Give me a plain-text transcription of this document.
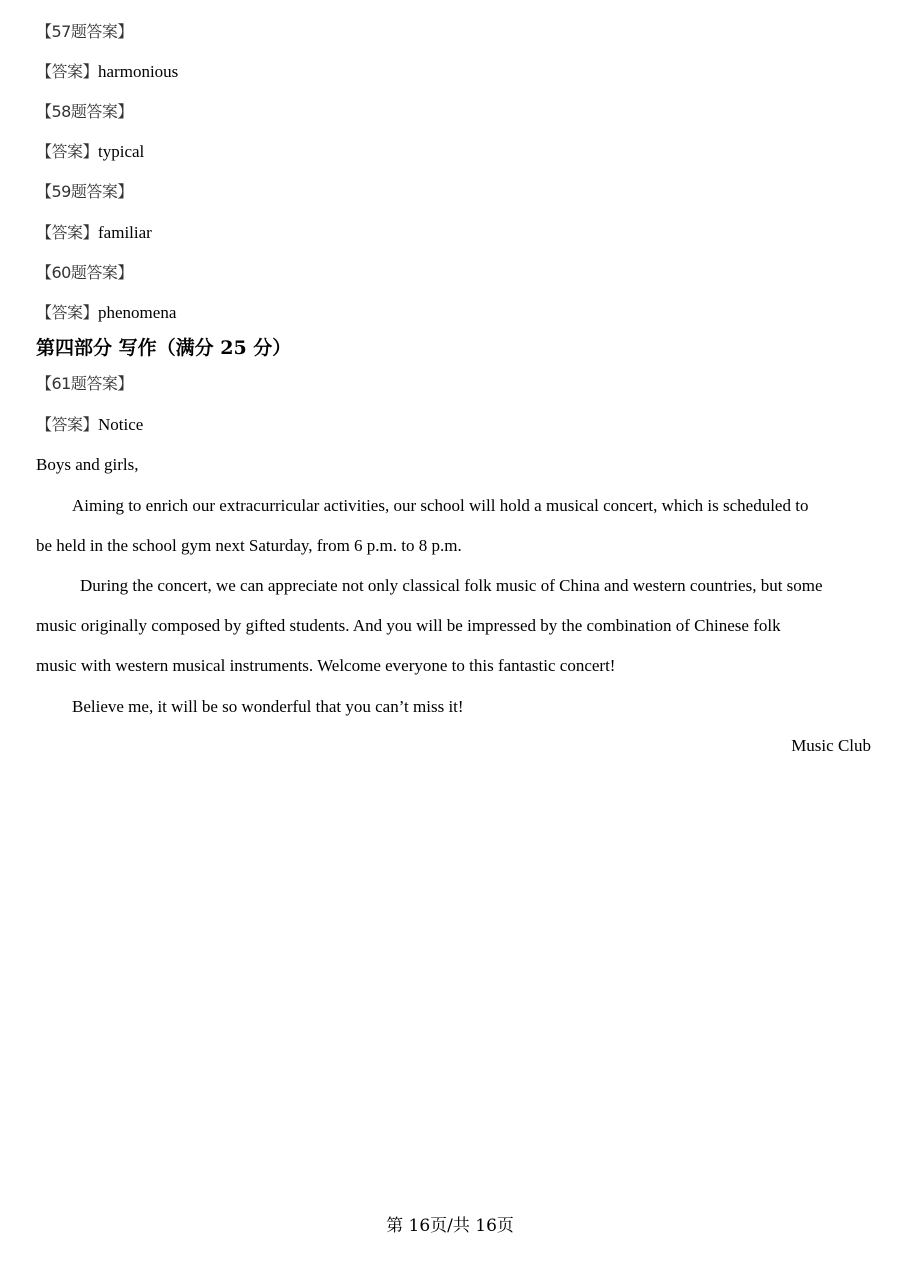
【57题答案】
【答案】harmonious
【58题答案】
【答案】typical
【59题答案】
【答案】familiar
【60题答案】
【答案】phenomena
第四部分 写作（满分 25 分）
【61题答案】
【答案】Notice
Boys and girls,
Aiming to enrich our extracurricular activities, our school will hold a musical concert, which is scheduled to
be held in the school gym next Saturday, from 6 p.m. to 8 p.m.
During the concert, we can appreciate not only classical folk music of China and western countries, but some
music originally composed by gifted students. And you will be impressed by the combination of Chinese folk
music with western musical instruments. Welcome everyone to this fantastic concert!
Believe me, it will be so wonderful that you can’t miss it!
Music Club
第 16页/共 16页
